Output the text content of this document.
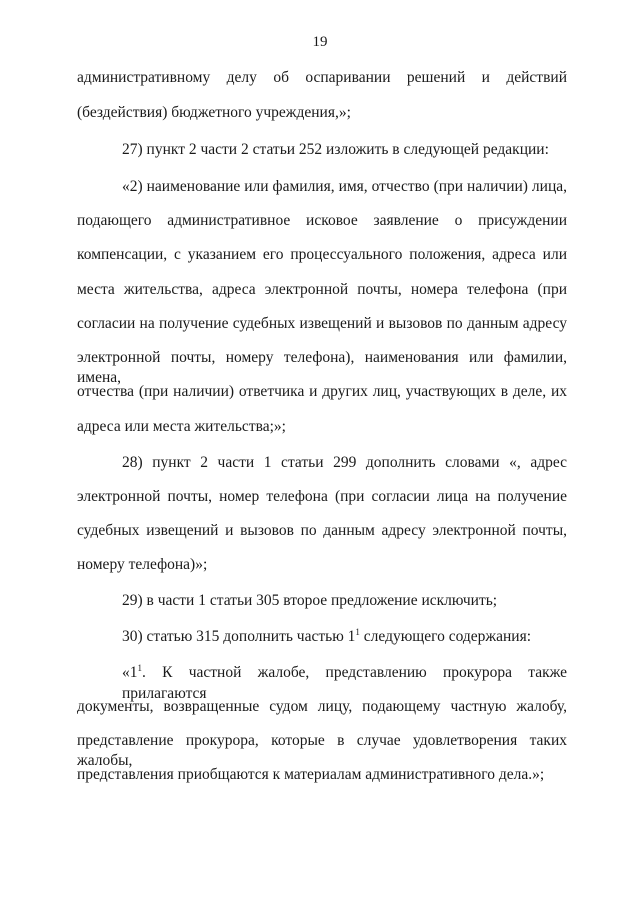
19
административному делу об оспаривании решений и действий
(бездействия) бюджетного учреждения,»;
27) пункт 2 части 2 статьи 252 изложить в следующей редакции:
«2) наименование или фамилия, имя, отчество (при наличии) лица,
подающего административное исковое заявление о присуждении
компенсации, с указанием его процессуального положения, адреса или
места жительства, адреса электронной почты, номера телефона (при
согласии на получение судебных извещений и вызовов по данным адресу
электронной почты, номеру телефона), наименования или фамилии, имена,
отчества (при наличии) ответчика и других лиц, участвующих в деле, их
адреса или места жительства;»;
28) пункт 2 части 1 статьи 299 дополнить словами «, адрес
электронной почты, номер телефона (при согласии лица на получение
судебных извещений и вызовов по данным адресу электронной почты,
номеру телефона)»;
29) в части 1 статьи 305 второе предложение исключить;
30) статью 315 дополнить частью $1^1$ следующего содержания:
«$1^1$. К частной жалобе, представлению прокурора также прилагаются
документы, возвращенные судом лицу, подающему частную жалобу,
представление прокурора, которые в случае удовлетворения таких жалобы,
представления приобщаются к материалам административного дела.»;
